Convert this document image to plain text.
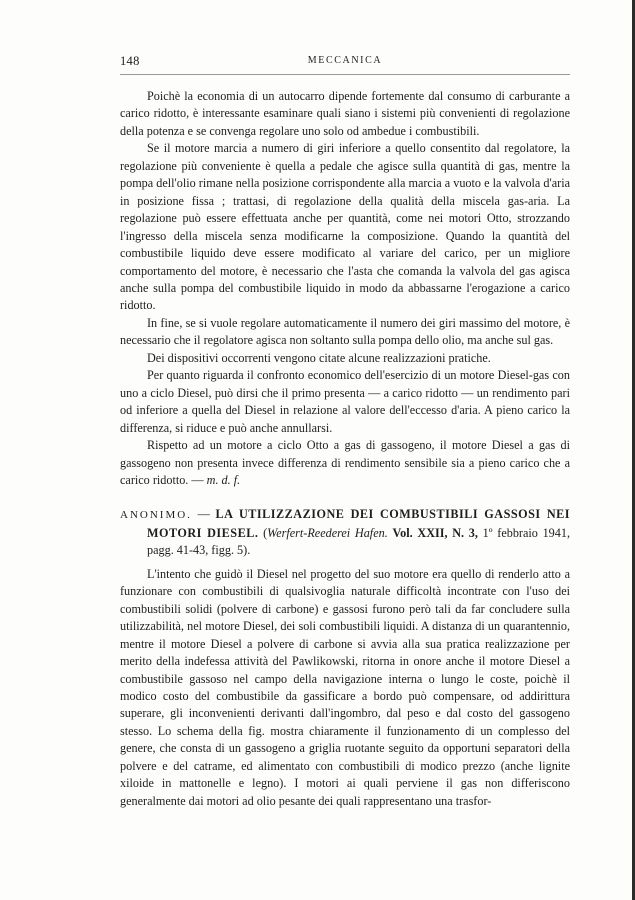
148	MECCANICA

Poichè la economia di un autocarro dipende fortemente dal consumo di carburante a carico ridotto, è interessante esaminare quali siano i sistemi più convenienti di regolazione della potenza e se convenga regolare uno solo od ambedue i combustibili.

Se il motore marcia a numero di giri inferiore a quello consentito dal regolatore, la regolazione più conveniente è quella a pedale che agisce sulla quantità di gas, mentre la pompa dell'olio rimane nella posizione corrispondente alla marcia a vuoto e la valvola d'aria in posizione fissa ; trattasi, di regolazione della qualità della miscela gas-aria. La regolazione può essere effettuata anche per quantità, come nei motori Otto, strozzando l'ingresso della miscela senza modificarne la composizione. Quando la quantità del combustibile liquido deve essere modificato al variare del carico, per un migliore comportamento del motore, è necessario che l'asta che comanda la valvola del gas agisca anche sulla pompa del combustibile liquido in modo da abbassarne l'erogazione a carico ridotto.

In fine, se si vuole regolare automaticamente il numero dei giri massimo del motore, è necessario che il regolatore agisca non soltanto sulla pompa dello olio, ma anche sul gas.

Dei dispositivi occorrenti vengono citate alcune realizzazioni pratiche.

Per quanto riguarda il confronto economico dell'esercizio di un motore Diesel-gas con uno a ciclo Diesel, può dirsi che il primo presenta — a carico ridotto — un rendimento pari od inferiore a quella del Diesel in relazione al valore dell'eccesso d'aria. A pieno carico la differenza, si riduce e può anche annullarsi.

Rispetto ad un motore a ciclo Otto a gas di gassogeno, il motore Diesel a gas di gassogeno non presenta invece differenza di rendimento sensibile sia a pieno carico che a carico ridotto. — m. d. f.

ANONIMO. — LA UTILIZZAZIONE DEI COMBUSTIBILI GASSOSI NEI MOTORI DIESEL. (Werfert-Reederei Hafen. Vol. XXII, N. 3, 1º febbraio 1941, pagg. 41-43, figg. 5).

L'intento che guidò il Diesel nel progetto del suo motore era quello di renderlo atto a funzionare con combustibili di qualsivoglia naturale difficoltà incontrate con l'uso dei combustibili solidi (polvere di carbone) e gassosi furono però tali da far concludere sulla utilizzabilità, nel motore Diesel, dei soli combustibili liquidi. A distanza di un quarantennio, mentre il motore Diesel a polvere di carbone si avvia alla sua pratica realizzazione per merito della indefessa attività del Pawlikowski, ritorna in onore anche il motore Diesel a combustibile gassoso nel campo della navigazione interna o lungo le coste, poichè il modico costo del combustibile da gassificare a bordo può compensare, od addirittura superare, gli inconvenienti derivanti dall'ingombro, dal peso e dal costo del gassogeno stesso. Lo schema della fig. mostra chiaramente il funzionamento di un complesso del genere, che consta di un gassogeno a griglia ruotante seguito da opportuni separatori della polvere e del catrame, ed alimentato con combustibili di modico prezzo (anche lignite xiloide in mattonelle e legno). I motori ai quali perviene il gas non differiscono generalmente dai motori ad olio pesante dei quali rappresentano una trasfor-
